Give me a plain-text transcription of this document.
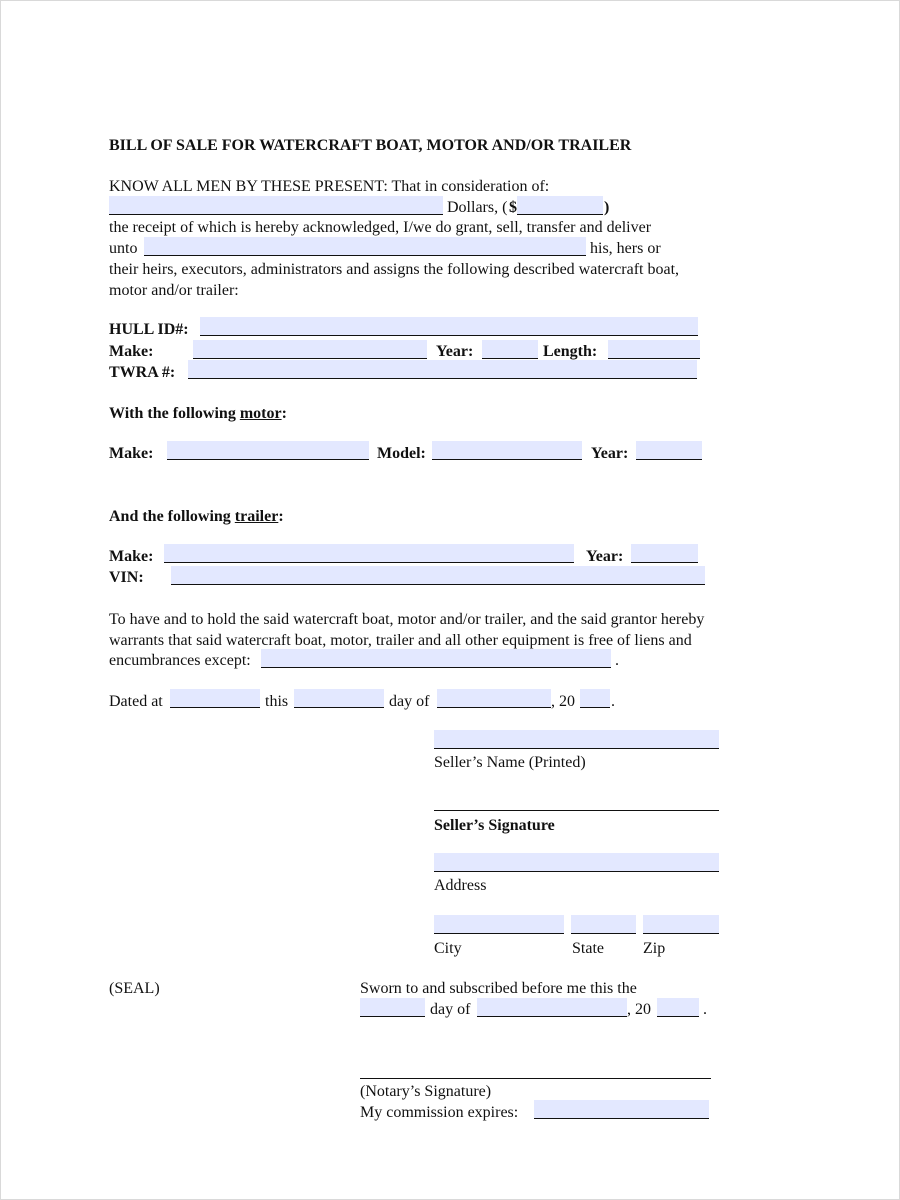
BILL OF SALE FOR WATERCRAFT BOAT, MOTOR AND/OR TRAILER
KNOW ALL MEN BY THESE PRESENT: That in consideration of:
Dollars, ( $	)
the receipt of which is hereby acknowledged, I/we do grant, sell, transfer and deliver
unto	his, hers or
their heirs, executors, administrators and assigns the following described watercraft boat,
motor and/or trailer:
HULL ID#:
Make:	Year:	Length:
TWRA #:
With the following motor:
Make:	Model:	Year:
And the following trailer:
Make:	Year:
VIN:
To have and to hold the said watercraft boat, motor and/or trailer, and the said grantor hereby
warrants that said watercraft boat, motor, trailer and all other equipment is free of liens and
encumbrances except:	.
Dated at	this	day of	, 20 .
Seller’s Name (Printed)
Seller’s Signature
Address
City	State Zip
(SEAL)	Sworn to and subscribed before me this the
day of	, 20	.
(Notary’s Signature)
My commission expires:
